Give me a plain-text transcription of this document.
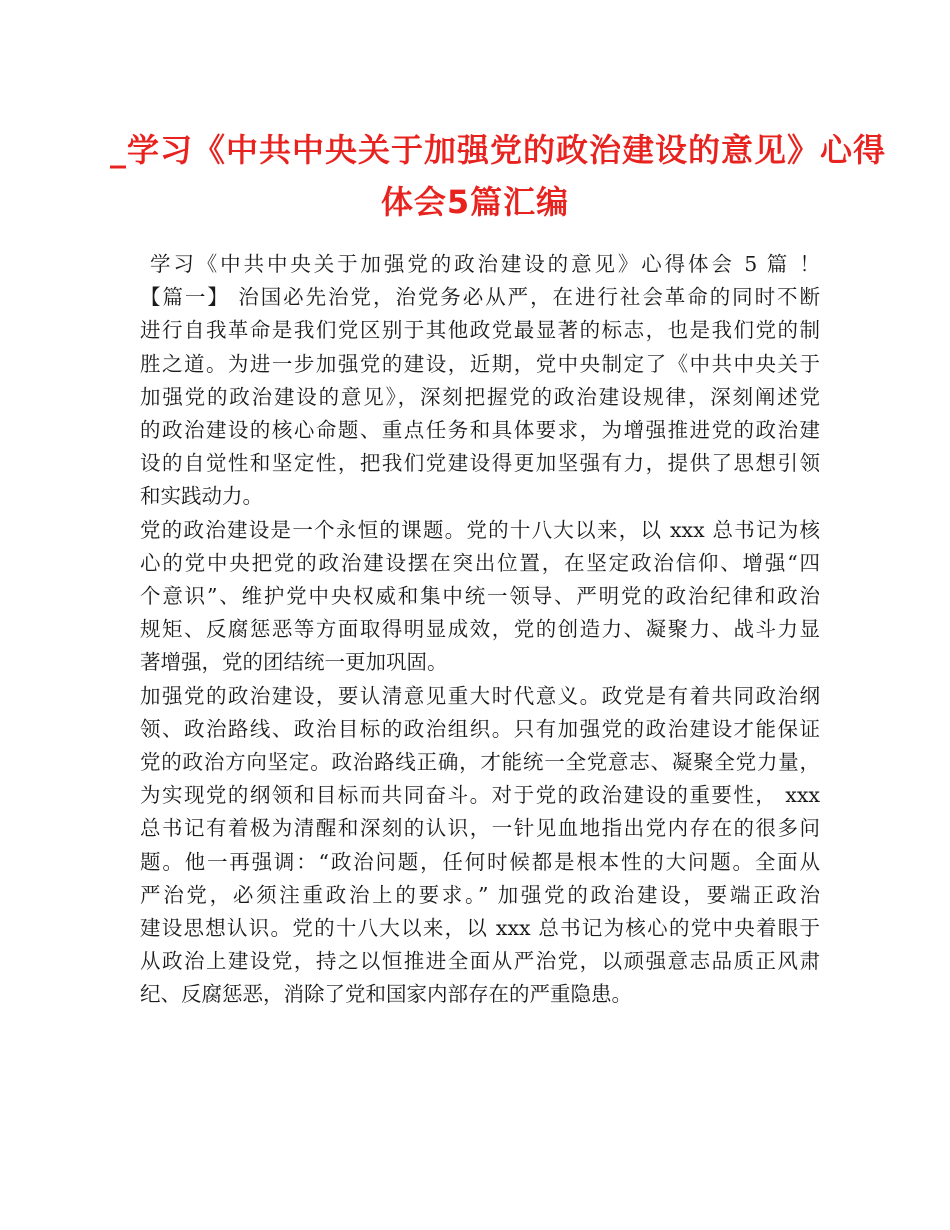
_学习《中共中央关于加强党的政治建设的意见》心得
体会5篇汇编

学习《中共中央关于加强党的政治建设的意见》心得体会 5 篇 ！
【篇一】 治国必先治党，治党务必从严，在进行社会革命的同时不断
进行自我革命是我们党区别于其他政党最显著的标志，也是我们党的制
胜之道。为进一步加强党的建设，近期，党中央制定了《中共中央关于
加强党的政治建设的意见》，深刻把握党的政治建设规律，深刻阐述党
的政治建设的核心命题、重点任务和具体要求，为增强推进党的政治建
设的自觉性和坚定性，把我们党建设得更加坚强有力，提供了思想引领
和实践动力。

党的政治建设是一个永恒的课题。党的十八大以来，以 xxx 总书记为核
心的党中央把党的政治建设摆在突出位置，在坚定政治信仰、增强“四
个意识”、维护党中央权威和集中统一领导、严明党的政治纪律和政治
规矩、反腐惩恶等方面取得明显成效，党的创造力、凝聚力、战斗力显
著增强，党的团结统一更加巩固。

加强党的政治建设，要认清意见重大时代意义。政党是有着共同政治纲
领、政治路线、政治目标的政治组织。只有加强党的政治建设才能保证
党的政治方向坚定。政治路线正确，才能统一全党意志、凝聚全党力量，
为实现党的纲领和目标而共同奋斗。对于党的政治建设的重要性， xxx
总书记有着极为清醒和深刻的认识，一针见血地指出党内存在的很多问
题。他一再强调：“政治问题，任何时候都是根本性的大问题。全面从
严治党，必须注重政治上的要求。” 加强党的政治建设，要端正政治
建设思想认识。党的十八大以来，以 xxx 总书记为核心的党中央着眼于
从政治上建设党，持之以恒推进全面从严治党，以顽强意志品质正风肃
纪、反腐惩恶，消除了党和国家内部存在的严重隐患。
